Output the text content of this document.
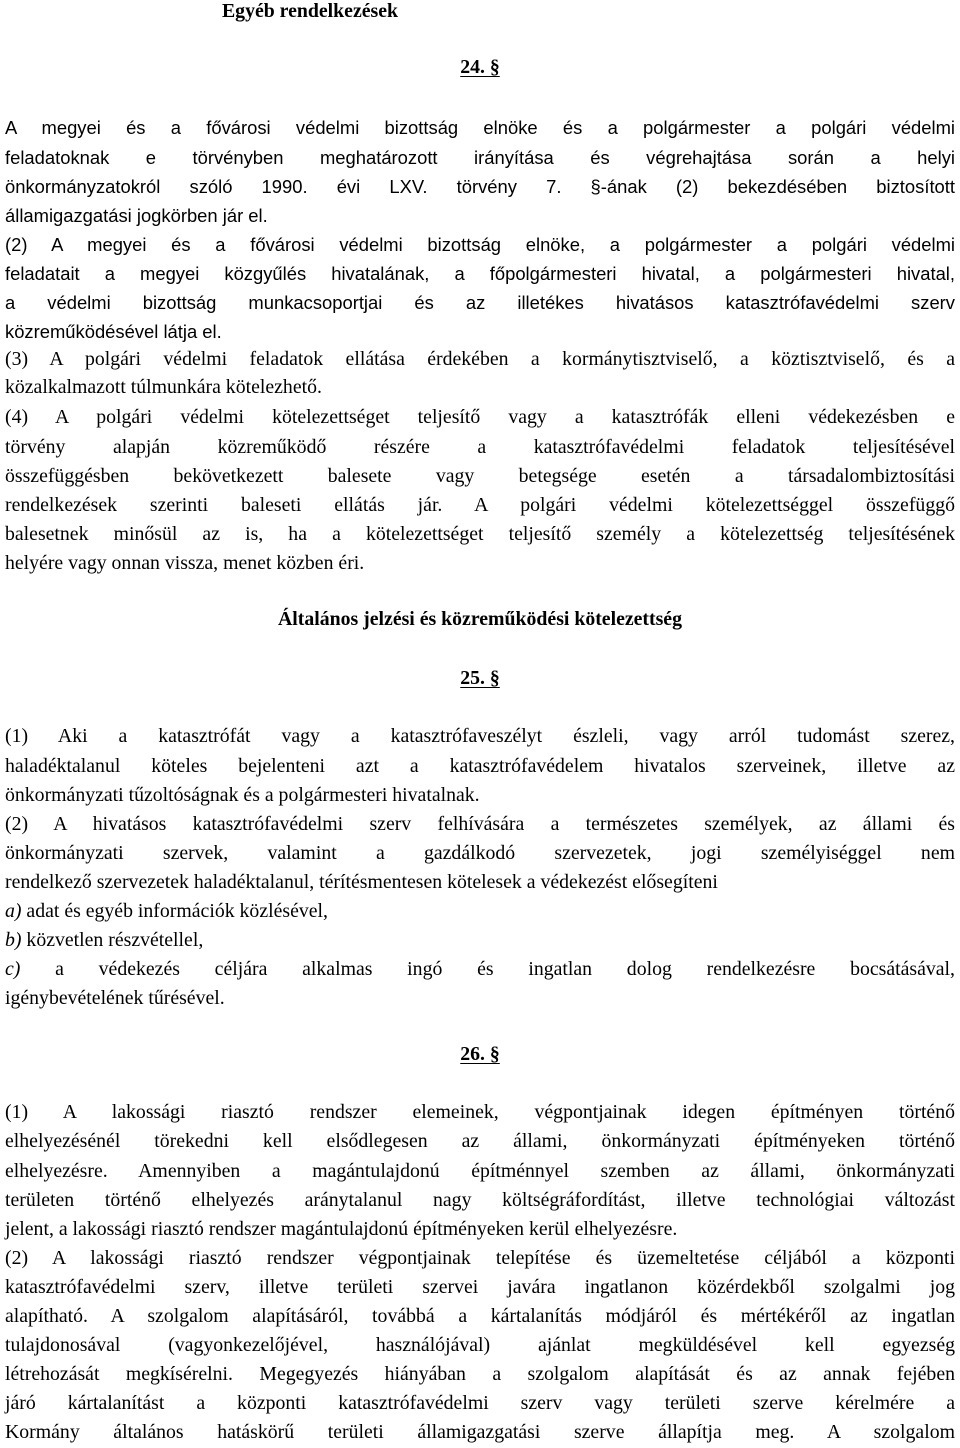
Egyéb rendelkezések
24. §
A megyei és a fővárosi védelmi bizottság elnöke és a polgármester a polgári védelmi
feladatoknak e törvényben meghatározott irányítása és végrehajtása során a helyi
önkormányzatokról szóló 1990. évi LXV. törvény 7. §-ának (2) bekezdésében biztosított
államigazgatási jogkörben jár el.
(2) A megyei és a fővárosi védelmi bizottság elnöke, a polgármester a polgári védelmi
feladatait a megyei közgyűlés hivatalának, a főpolgármesteri hivatal, a polgármesteri hivatal,
a védelmi bizottság munkacsoportjai és az illetékes hivatásos katasztrófavédelmi szerv
közreműködésével látja el.
(3) A polgári védelmi feladatok ellátása érdekében a kormánytisztviselő, a köztisztviselő, és a
közalkalmazott túlmunkára kötelezhető.
(4) A polgári védelmi kötelezettséget teljesítő vagy a katasztrófák elleni védekezésben e
törvény alapján közreműködő részére a katasztrófavédelmi feladatok teljesítésével
összefüggésben bekövetkezett balesete vagy betegsége esetén a társadalombiztosítási
rendelkezések szerinti baleseti ellátás jár. A polgári védelmi kötelezettséggel összefüggő
balesetnek minősül az is, ha a kötelezettséget teljesítő személy a kötelezettség teljesítésének
helyére vagy onnan vissza, menet közben éri.
Általános jelzési és közreműködési kötelezettség
25. §
(1) Aki a katasztrófát vagy a katasztrófaveszélyt észleli, vagy arról tudomást szerez,
haladéktalanul köteles bejelenteni azt a katasztrófavédelem hivatalos szerveinek, illetve az
önkormányzati tűzoltóságnak és a polgármesteri hivatalnak.
(2) A hivatásos katasztrófavédelmi szerv felhívására a természetes személyek, az állami és
önkormányzati szervek, valamint a gazdálkodó szervezetek, jogi személyiséggel nem
rendelkező szervezetek haladéktalanul, térítésmentesen kötelesek a védekezést elősegíteni
a) adat és egyéb információk közlésével,
b) közvetlen részvétellel,
c) a védekezés céljára alkalmas ingó és ingatlan dolog rendelkezésre bocsátásával,
igénybevételének tűrésével.
26. §
(1) A lakossági riasztó rendszer elemeinek, végpontjainak idegen építményen történő
elhelyezésénél törekedni kell elsődlegesen az állami, önkormányzati építményeken történő
elhelyezésre. Amennyiben a magántulajdonú építménnyel szemben az állami, önkormányzati
területen történő elhelyezés aránytalanul nagy költségráfordítást, illetve technológiai változást
jelent, a lakossági riasztó rendszer magántulajdonú építményeken kerül elhelyezésre.
(2) A lakossági riasztó rendszer végpontjainak telepítése és üzemeltetése céljából a központi
katasztrófavédelmi szerv, illetve területi szervei javára ingatlanon közérdekből szolgalmi jog
alapítható. A szolgalom alapításáról, továbbá a kártalanítás módjáról és mértékéről az ingatlan
tulajdonosával (vagyonkezelőjével, használójával) ajánlat megküldésével kell egyezség
létrehozását megkísérelni. Megegyezés hiányában a szolgalom alapítását és az annak fejében
járó kártalanítást a központi katasztrófavédelmi szerv vagy területi szerve kérelmére a
Kormány általános hatáskörű területi államigazgatási szerve állapítja meg. A szolgalom
